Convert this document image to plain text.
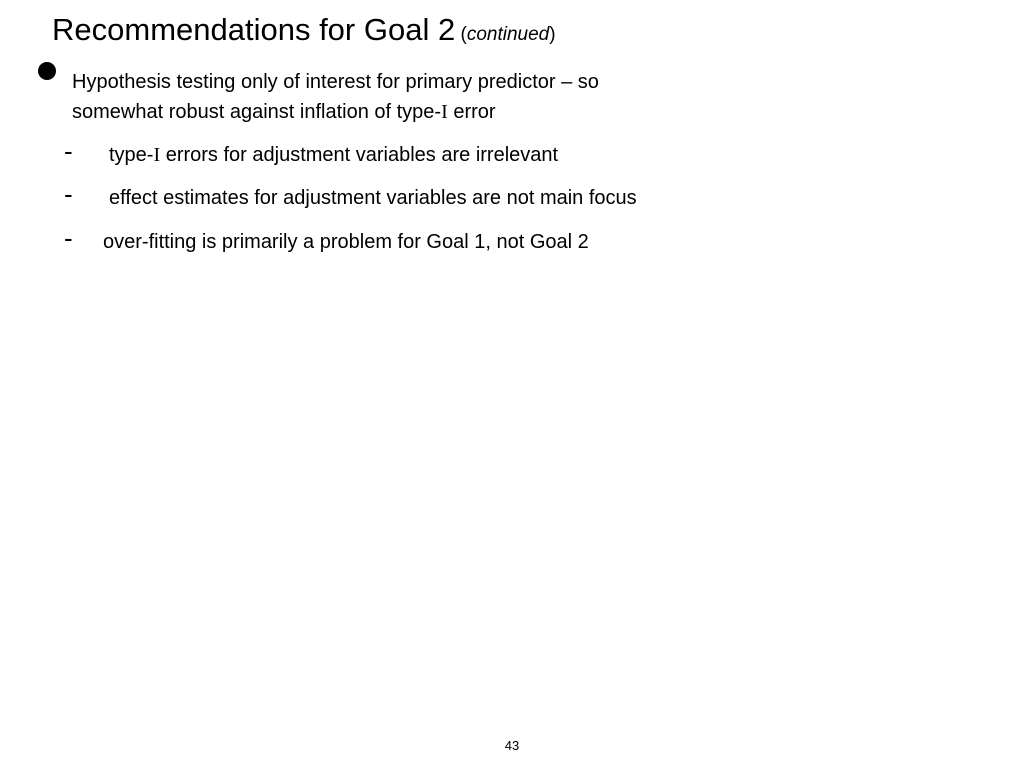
Recommendations for Goal 2 (continued)
Hypothesis testing only of interest for primary predictor – so
somewhat robust against inflation of type-I error
- type-I errors for adjustment variables are irrelevant
- effect estimates for adjustment variables are not main focus
- over-fitting is primarily a problem for Goal 1, not Goal 2
43
